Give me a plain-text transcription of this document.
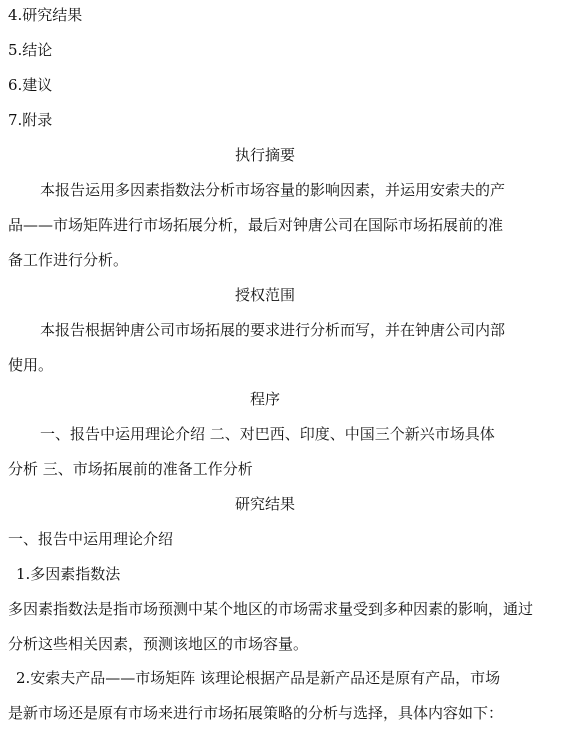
4.研究结果
5.结论
6.建议
7.附录
执行摘要
本报告运用多因素指数法分析市场容量的影响因素，并运用安索夫的产
品——市场矩阵进行市场拓展分析，最后对钟唐公司在国际市场拓展前的准
备工作进行分析。
授权范围
本报告根据钟唐公司市场拓展的要求进行分析而写，并在钟唐公司内部
使用。
程序
一、报告中运用理论介绍 二、对巴西、印度、中国三个新兴市场具体
分析 三、市场拓展前的准备工作分析
研究结果
一、报告中运用理论介绍
1.多因素指数法
多因素指数法是指市场预测中某个地区的市场需求量受到多种因素的影响，通过
分析这些相关因素，预测该地区的市场容量。
2.安索夫产品——市场矩阵 该理论根据产品是新产品还是原有产品，市场
是新市场还是原有市场来进行市场拓展策略的分析与选择，具体内容如下：
